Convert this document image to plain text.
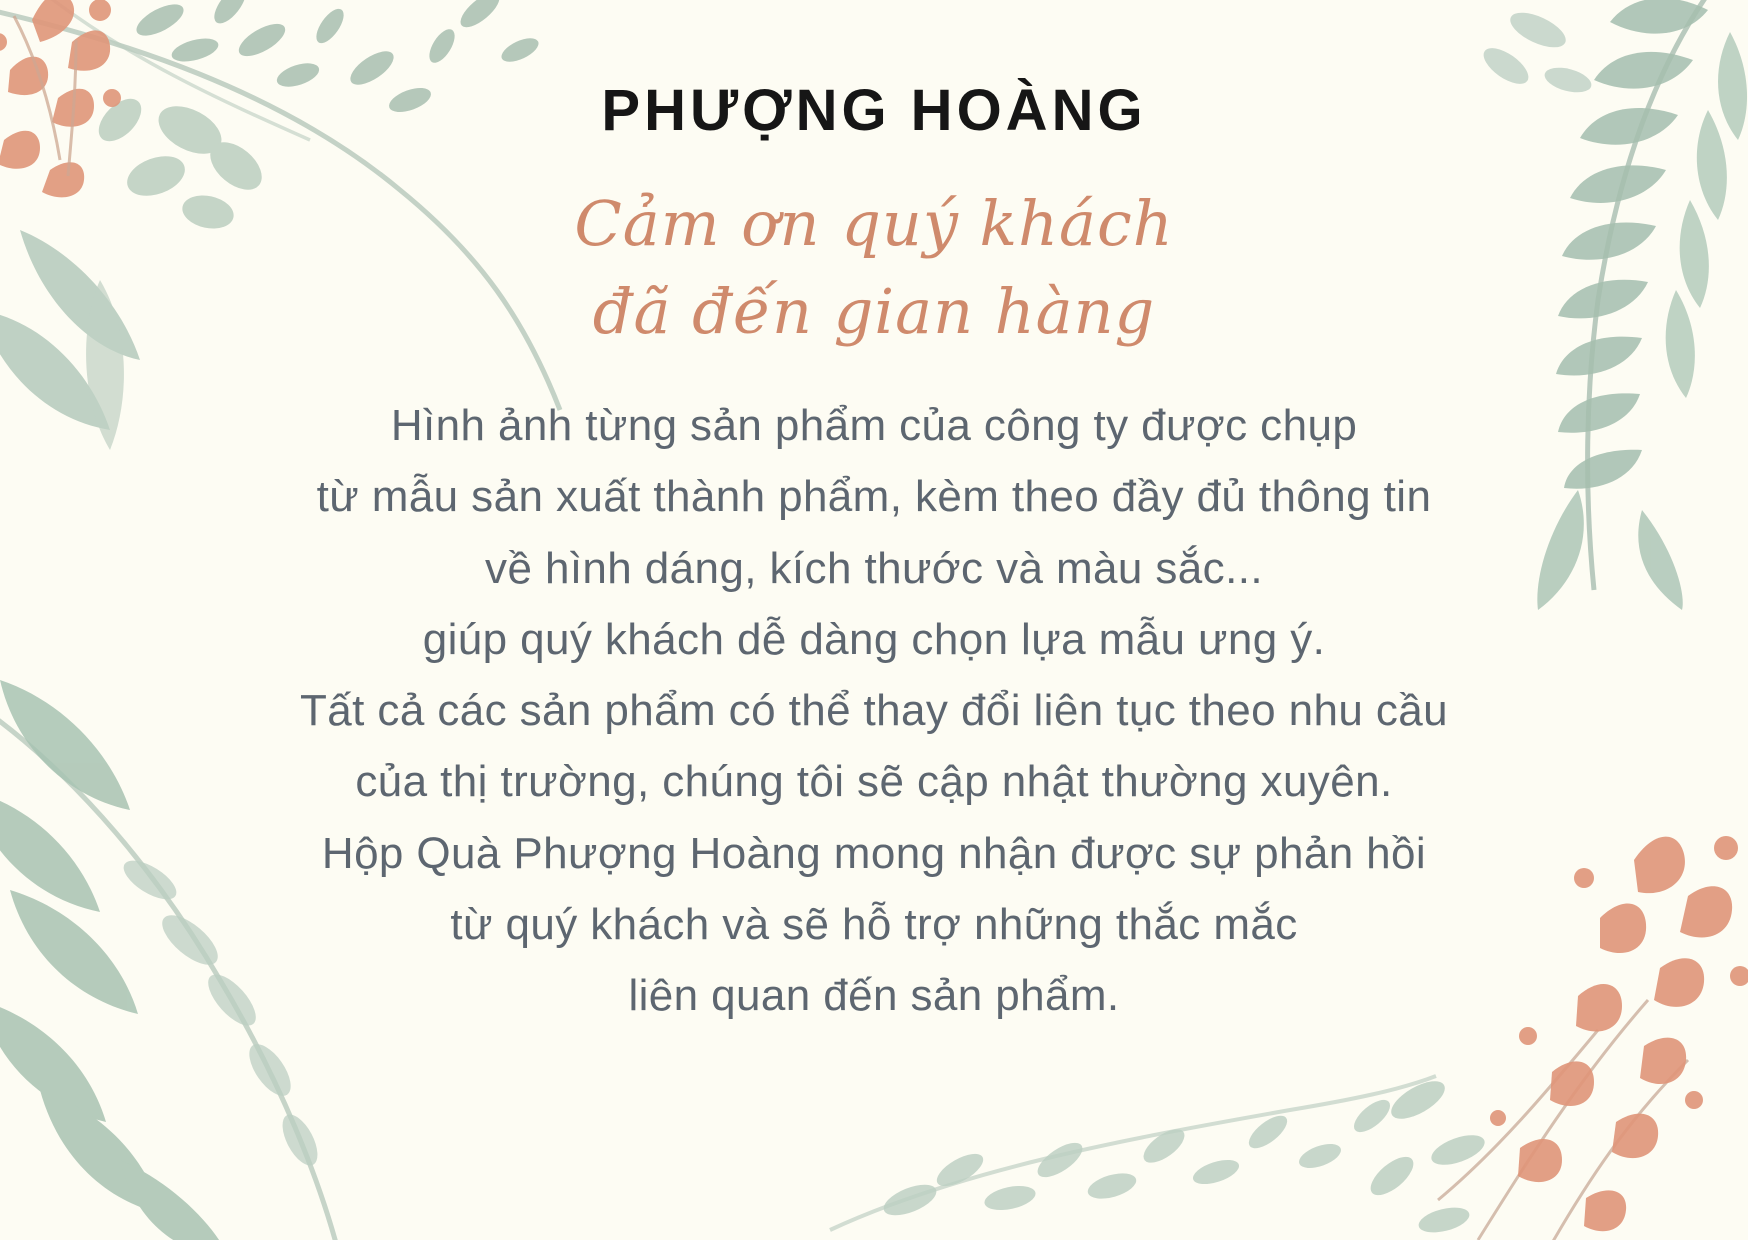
PHƯỢNG HOÀNG
Cảm ơn quý khách
đã đến gian hàng
Hình ảnh từng sản phẩm của công ty được chụp
từ mẫu sản xuất thành phẩm, kèm theo đầy đủ thông tin
về hình dáng, kích thước và màu sắc...
giúp quý khách dễ dàng chọn lựa mẫu ưng ý.
Tất cả các sản phẩm có thể thay đổi liên tục theo nhu cầu
của thị trường, chúng tôi sẽ cập nhật thường xuyên.
Hộp Quà Phượng Hoàng mong nhận được sự phản hồi
từ quý khách và sẽ hỗ trợ những thắc mắc
liên quan đến sản phẩm.
